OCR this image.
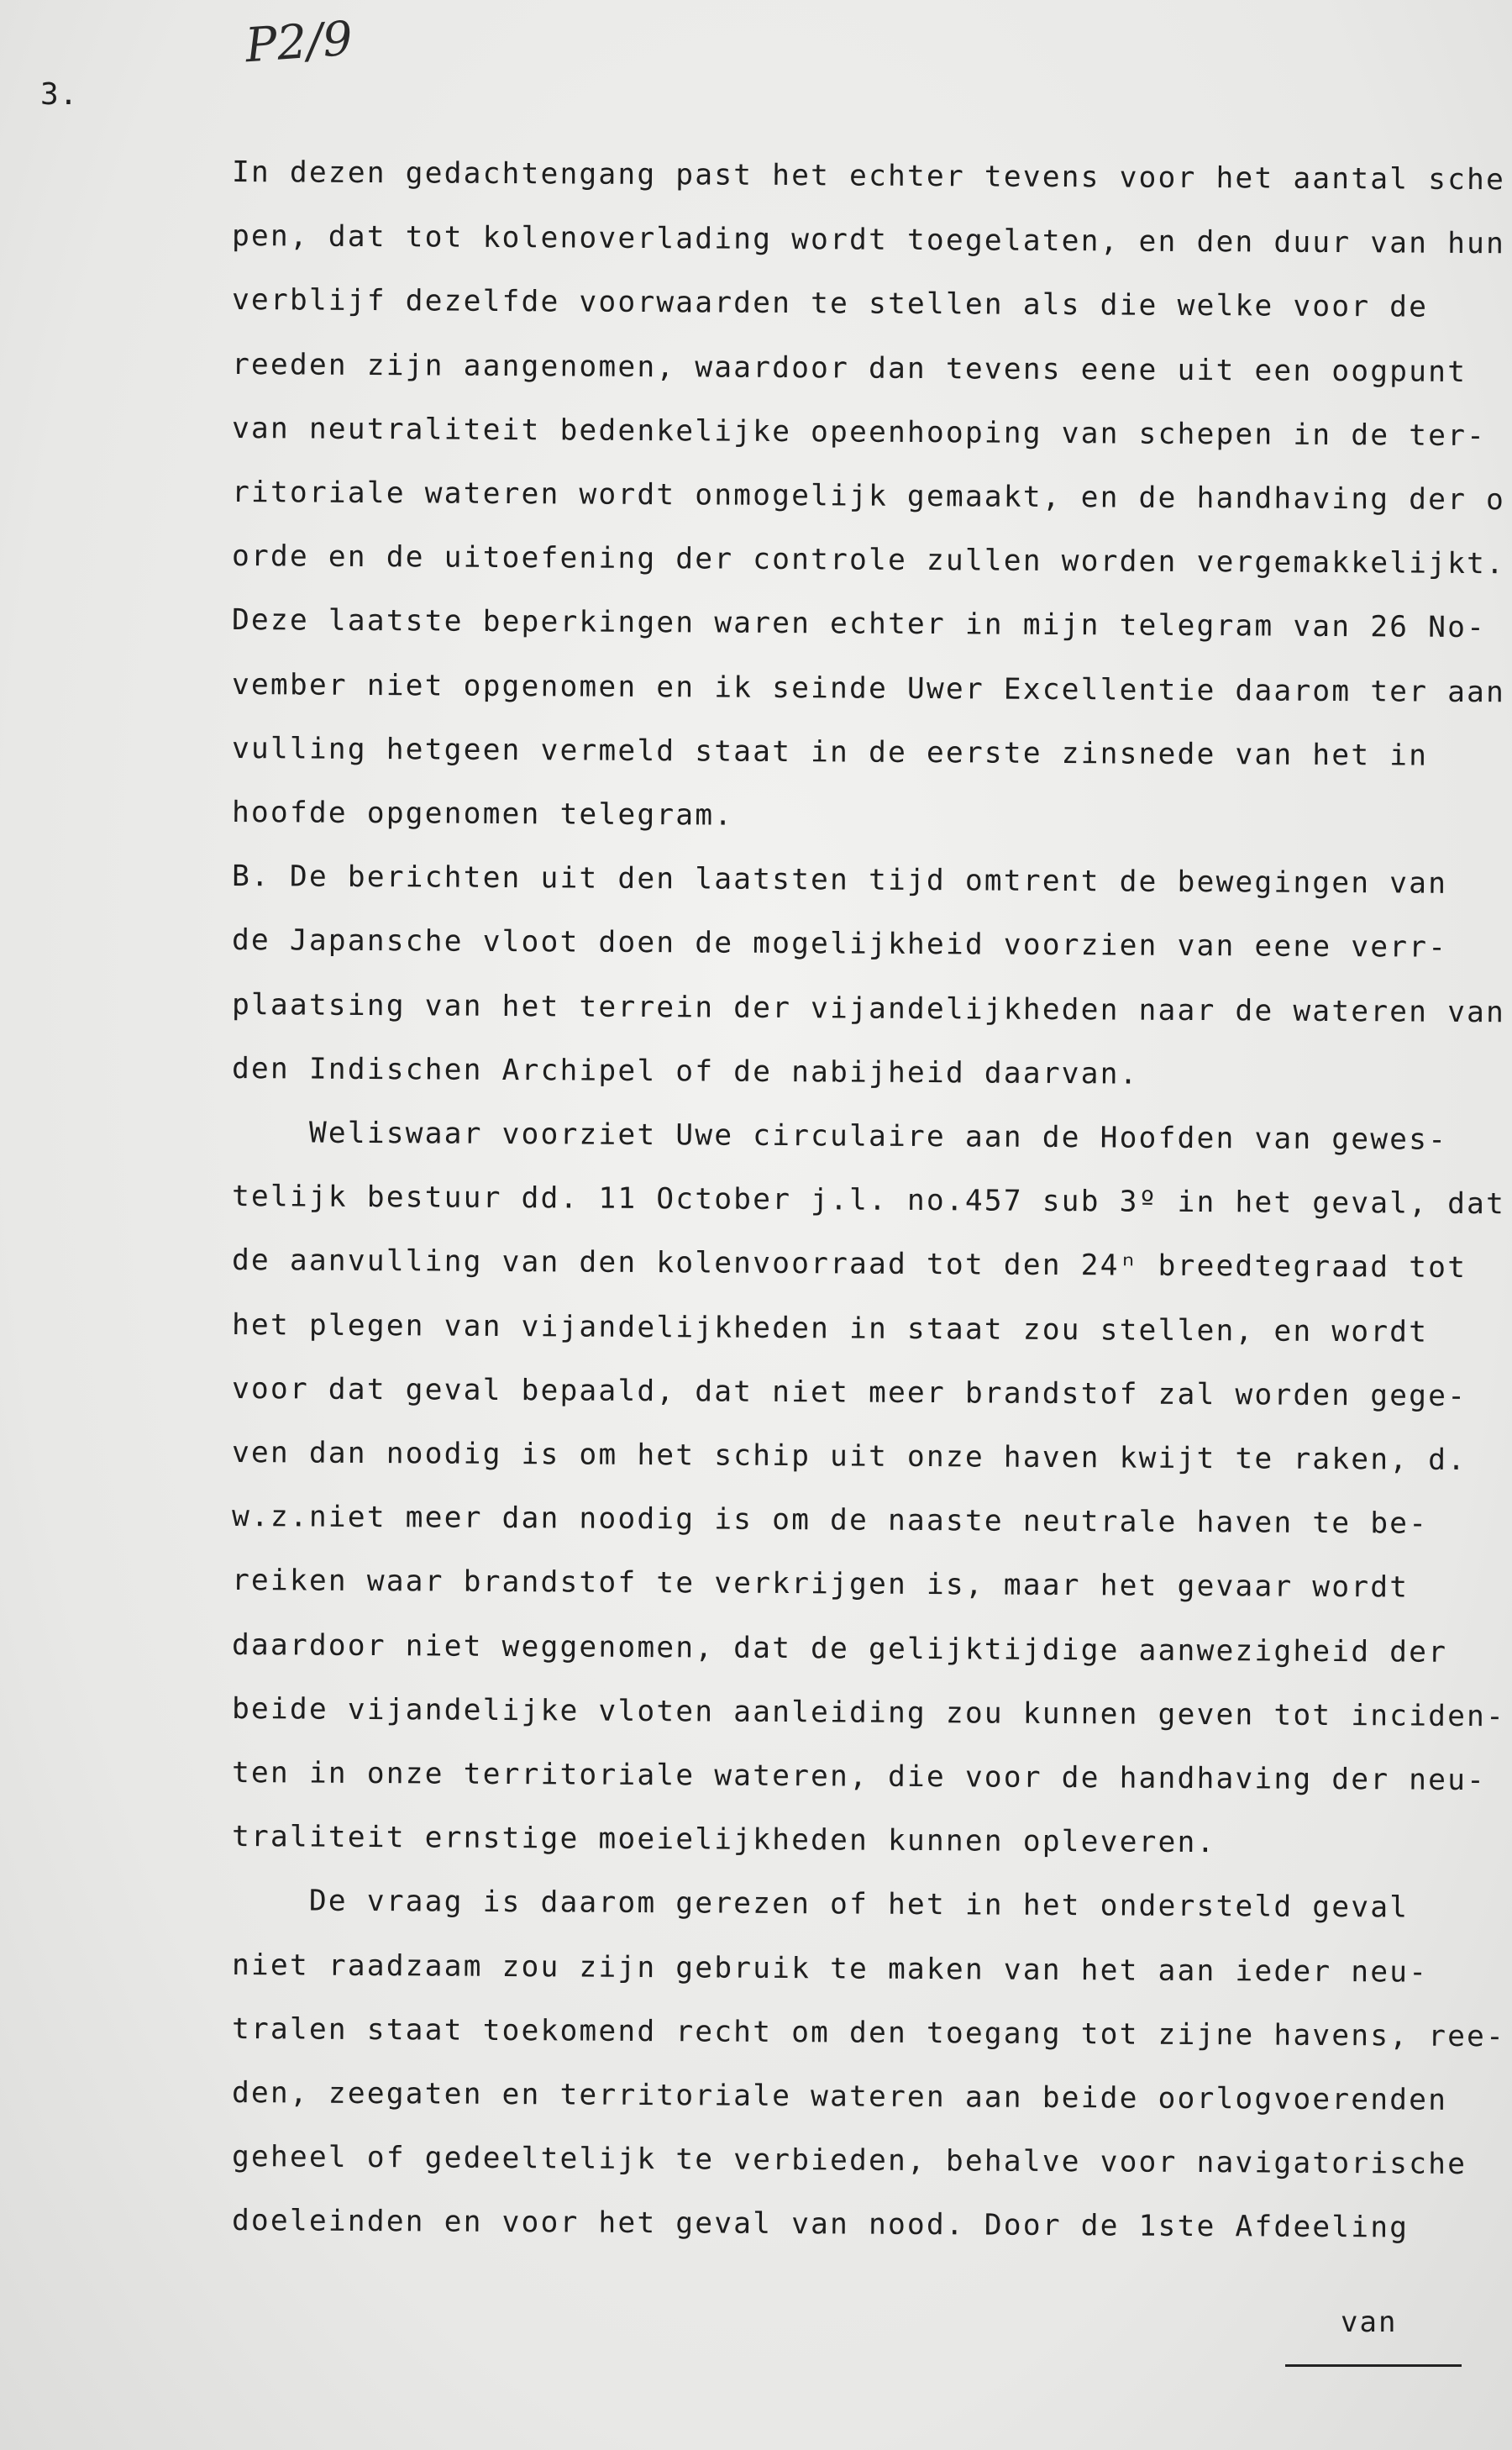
3.
P2/9
In dezen gedachtengang past het echter tevens voor het aantal sche
pen, dat tot kolenoverlading wordt toegelaten, en den duur van hun
verblijf dezelfde voorwaarden te stellen als die welke voor de
reeden zijn aangenomen, waardoor dan tevens eene uit een oogpunt
van neutraliteit bedenkelijke opeenhooping van schepen in de ter-
ritoriale wateren wordt onmogelijk gemaakt, en de handhaving der o
orde en de uitoefening der controle zullen worden vergemakkelijkt.
Deze laatste beperkingen waren echter in mijn telegram van 26 No-
vember niet opgenomen en ik seinde Uwer Excellentie daarom ter aan
vulling hetgeen vermeld staat in de eerste zinsnede van het in
hoofde opgenomen telegram.
B. De berichten uit den laatsten tijd omtrent de bewegingen van
de Japansche vloot doen de mogelijkheid voorzien van eene verr-
plaatsing van het terrein der vijandelijkheden naar de wateren van
den Indischen Archipel of de nabijheid daarvan.
Weliswaar voorziet Uwe circulaire aan de Hoofden van gewes-
telijk bestuur dd. 11 October j.l. no.457 sub 3º in het geval, dat
de aanvulling van den kolenvoorraad tot den 24ⁿ breedtegraad tot
het plegen van vijandelijkheden in staat zou stellen, en wordt
voor dat geval bepaald, dat niet meer brandstof zal worden gege-
ven dan noodig is om het schip uit onze haven kwijt te raken, d.
w.z.niet meer dan noodig is om de naaste neutrale haven te be-
reiken waar brandstof te verkrijgen is, maar het gevaar wordt
daardoor niet weggenomen, dat de gelijktijdige aanwezigheid der
beide vijandelijke vloten aanleiding zou kunnen geven tot inciden-
ten in onze territoriale wateren, die voor de handhaving der neu-
traliteit ernstige moeielijkheden kunnen opleveren.
De vraag is daarom gerezen of het in het ondersteld geval
niet raadzaam zou zijn gebruik te maken van het aan ieder neu-
tralen staat toekomend recht om den toegang tot zijne havens, ree-
den, zeegaten en territoriale wateren aan beide oorlogvoerenden
geheel of gedeeltelijk te verbieden, behalve voor navigatorische
doeleinden en voor het geval van nood. Door de 1ste Afdeeling
van
